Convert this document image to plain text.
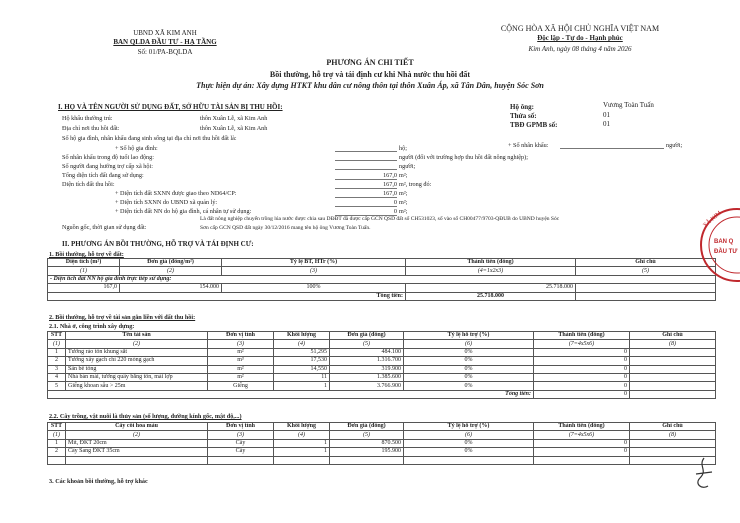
UBND XÃ KIM ANH
BAN QLDA ĐẦU TƯ - HẠ TẦNG
Số: 01/PA-BQLDA
CỘNG HÒA XÃ HỘI CHỦ NGHĨA VIỆT NAM
Độc lập - Tự do - Hạnh phúc
Kim Anh, ngày 08 tháng 4 năm 2026
PHƯƠNG ÁN CHI TIẾT
Bồi thường, hỗ trợ và tái định cư khi Nhà nước thu hồi đất
Thực hiện dự án: Xây dựng HTKT khu dân cư nông thôn tại thôn Xuân Áp, xã Tân Dân, huyện Sóc Sơn
I. HỌ VÀ TÊN NGƯỜI SỬ DỤNG ĐẤT, SỞ HỮU TÀI SẢN BỊ THU HỒI:
Hộ khẩu thường trú:	thôn Xuân Lễ, xã Kim Anh
Địa chỉ nơi thu hồi đất:	thôn Xuân Lễ, xã Kim Anh
Số hộ gia đình, nhân khẩu đang sinh sống tại địa chỉ nơi thu hồi đất là:
+ Số hộ gia đình:	hộ;	+ Số nhân khẩu:	người;
Số nhân khẩu trong độ tuổi lao động:	người (đối với trường hợp thu hồi đất nông nghiệp);
Số người đang hưởng trợ cấp xã hội:	người;
Tổng diện tích đất đang sử dụng:	167,0 m²;
Diện tích đất thu hồi:	167,0 m², trong đó:
+ Diện tích đất SXNN được giao theo ND64/CP:	167,0 m²;
+ Diện tích SXNN do UBND xã quản lý:	0 m²;
+ Diện tích đất NN do hộ gia đình, cá nhân tự sử dụng:	0 m²;
Nguồn gốc, thời gian sử dụng đất:
Là đất nông nghiệp chuyển trồng lúa nước được chia sau DĐĐT đã được cấp GCN QSD đất số CH531023, số vào sổ CH00477/9703-QĐUB do UBND huyện Sóc
Sơn cấp GCN QSD đất ngày 30/12/2016 mang tên hộ ông Vương Toàn Tuấn.
Hộ ông:	Vương Toàn Tuấn
Thửa số:	01
TBĐ GPMB số:	01
II. PHƯƠNG ÁN BỒI THƯỜNG, HỖ TRỢ VÀ TÁI ĐỊNH CƯ:
1. Bồi thường, hỗ trợ về đất:
Diện tích (m²)	Đơn giá (đồng/m²)	Tỷ lệ BT, HTr (%)	Thành tiền (đồng)	Ghi chú
(1)	(2)	(3)	(4=1x2x3)	(5)
- Diện tích đất NN hộ gia đình trực tiếp sử dụng:				
167,0	154.000	100%	25.718.000	
Tổng tiền:			25.718.000	
2. Bồi thường, hỗ trợ về tài sản gắn liền với đất thu hồi:
2.1. Nhà ở, công trình xây dựng:
STT	Tên tài sản	Đơn vị tính	Khối lượng	Đơn giá (đồng)	Tỷ lệ hỗ trợ (%)	Thành tiền (đồng)	Ghi chú
(1)	(2)	(3)	(4)	(5)	(6)	(7=4x5x6)	(8)
1	Tường rào tôn khung sắt	m²	51,295	484.100	0%	0	
2	Tường xây gạch chỉ 220 móng gạch	m³	17,530	1.316.700	0%	0	
3	Sân bê tông	m²	14,550	319.900	0%	0	
4	Nhà bán mái, tường quây bằng tôn, mái lợp	m²	11	1.385.600	0%	0	
5	Giếng khoan sâu > 25m	Giếng	1	3.766.900	0%	0	
Tổng tiền:						0	
2.2. Cây trồng, vật nuôi là thủy sản (số lượng, đường kính gốc, mật độ,...)
STT	Cây cối hoa màu	Đơn vị tính	Khối lượng	Đơn giá (đồng)	Tỷ lệ hỗ trợ (%)	Thành tiền (đồng)	Ghi chú
(1)	(2)	(3)	(4)	(5)	(6)	(7=4x5x6)	(8)
1	Mít, ĐKT 20cm	Cây	1	870.500	0%	0	
2	Cây Sang ĐKT 35cm	Cây	1	195.900	0%	0	

3. Các khoản bồi thường, hỗ trợ khác
XÃ KIM
BAN Q
ĐẦU TƯ
